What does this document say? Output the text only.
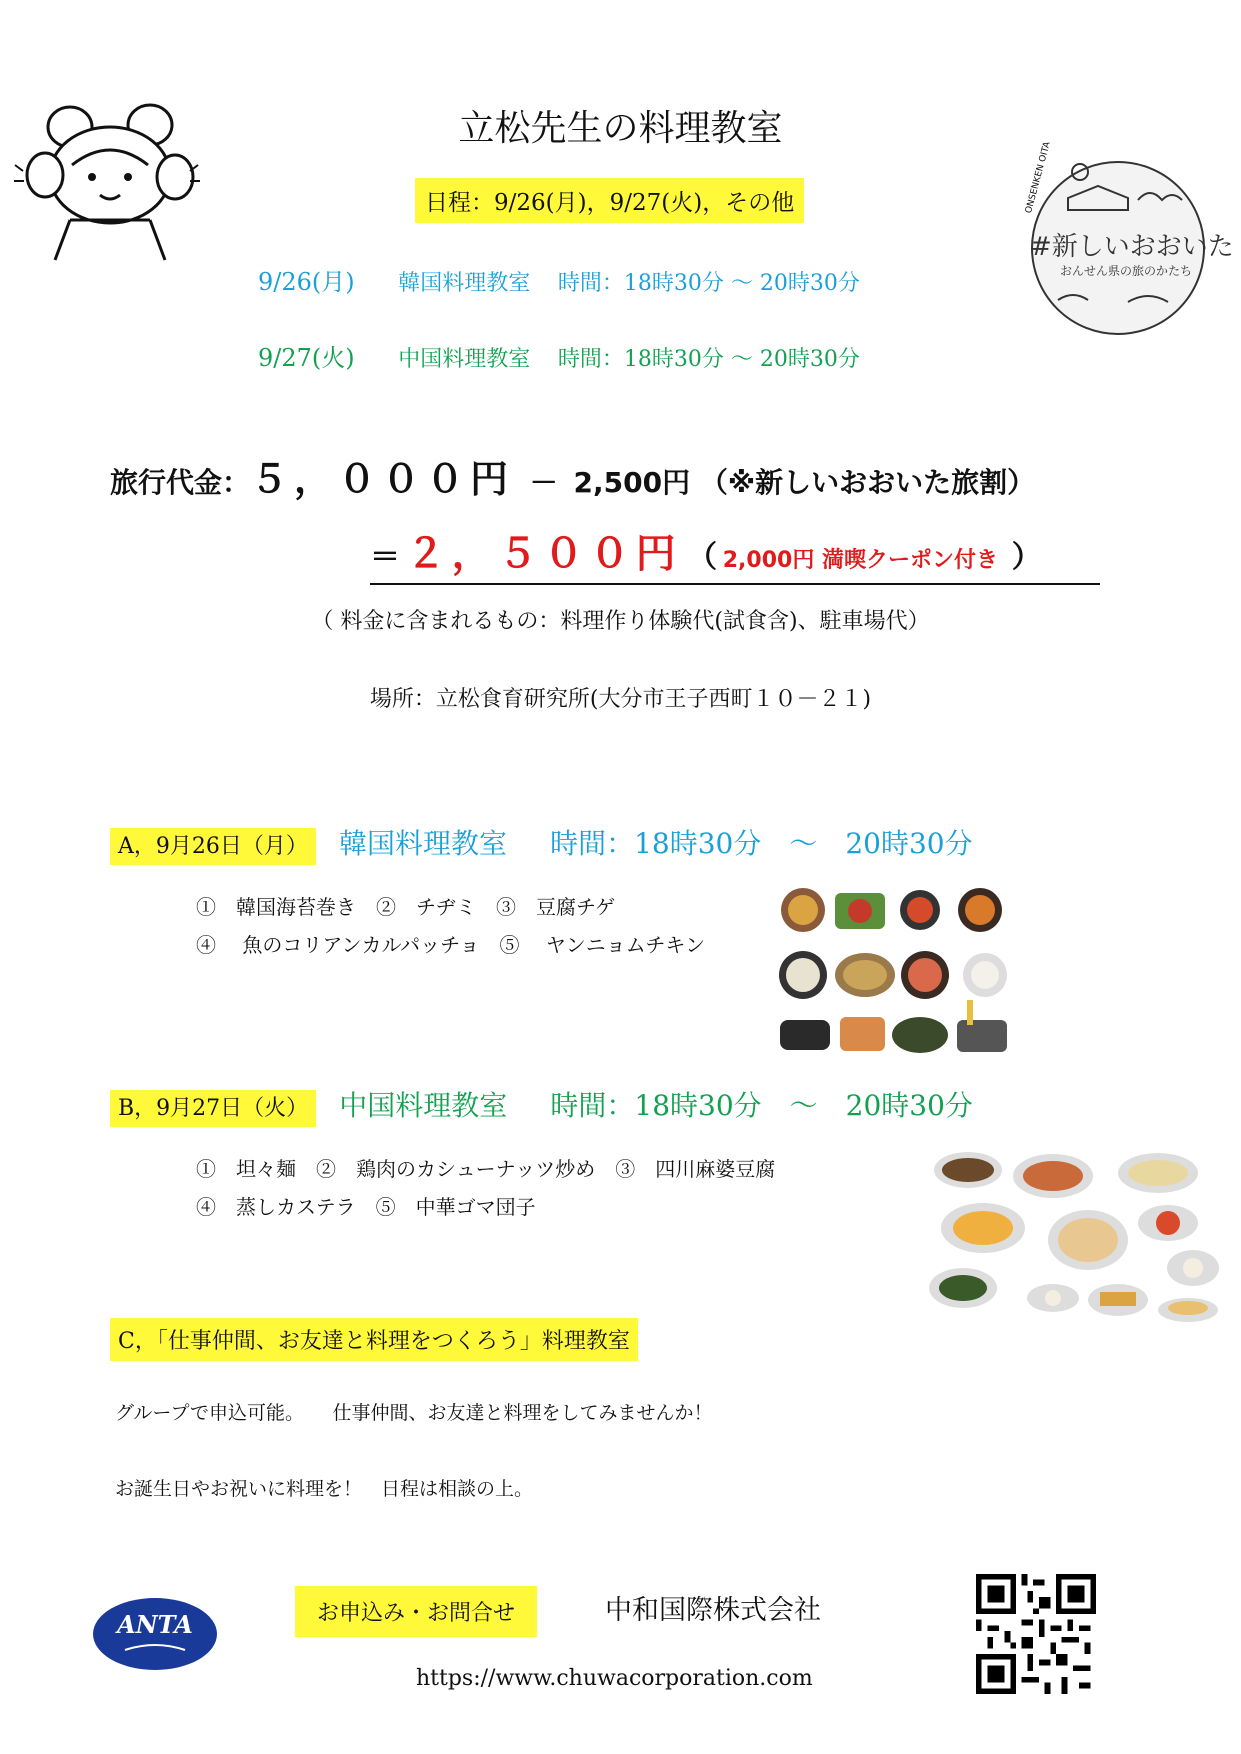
立松先生の料理教室
日程：9/26(月)，9/27(火)，その他
9/26(月) 韓国料理教室 時間：18時30分 ～ 20時30分
9/27(火) 中国料理教室 時間：18時30分 ～ 20時30分
ONSENKEN OITA
#新しいおおいた
おんせん県の旅のかたち
旅行代金：５，０００円 － 2,500円 （※新しいおおいた旅割）
＝ ２，５００円 （ 2,000円 満喫クーポン付き ）
（ 料金に含まれるもの：料理作り体験代(試食含)、駐車場代）
場所：立松食育研究所(大分市王子西町１０－２１)
A，9月26日（月） 韓国料理教室 時間：18時30分　～　20時30分
①　韓国海苔巻き　②　チヂミ　③　豆腐チゲ
④　 魚のコリアンカルパッチョ　⑤　 ヤンニョムチキン
B，9月27日（火） 中国料理教室 時間：18時30分　～　20時30分
①　坦々麺　②　鶏肉のカシューナッツ炒め　③　四川麻婆豆腐
④　蒸しカステラ　⑤　中華ゴマ団子
C，「仕事仲間、お友達と料理をつくろう」料理教室
グループで申込可能。　　仕事仲間、お友達と料理をしてみませんか！
お誕生日やお祝いに料理を！　日程は相談の上。
ANTA	お申込み・お問合せ	中和国際株式会社
https://www.chuwacorporation.com
